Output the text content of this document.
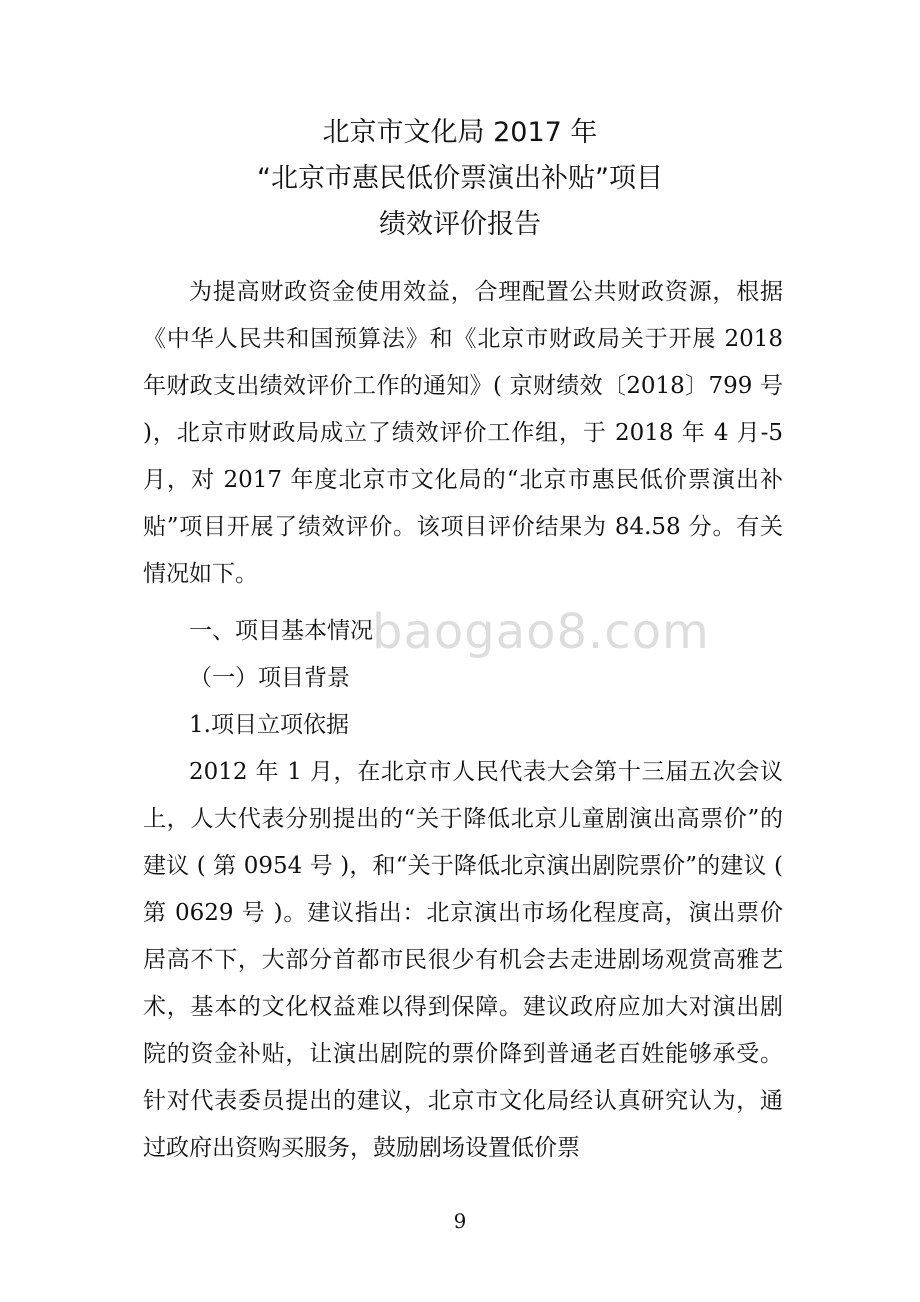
北京市文化局 2017 年
“北京市惠民低价票演出补贴”项目
绩效评价报告

为提高财政资金使用效益，合理配置公共财政资源，根据《中华人民共和国预算法》和《北京市财政局关于开展 2018 年财政支出绩效评价工作的通知》( 京财绩效〔2018〕799 号 )，北京市财政局成立了绩效评价工作组，于 2018 年 4 月-5 月，对 2017 年度北京市文化局的“北京市惠民低价票演出补贴”项目开展了绩效评价。该项目评价结果为 84.58 分。有关情况如下。

一、项目基本情况 baogao8.com
（一）项目背景
1.项目立项依据

2012 年 1 月，在北京市人民代表大会第十三届五次会议上，人大代表分别提出的“关于降低北京儿童剧演出高票价”的建议 ( 第 0954 号 )，和“关于降低北京演出剧院票价”的建议 ( 第 0629 号 )。建议指出：北京演出市场化程度高，演出票价居高不下，大部分首都市民很少有机会去走进剧场观赏高雅艺术，基本的文化权益难以得到保障。建议政府应加大对演出剧院的资金补贴，让演出剧院的票价降到普通老百姓能够承受。针对代表委员提出的建议，北京市文化局经认真研究认为，通过政府出资购买服务，鼓励剧场设置低价票

9
